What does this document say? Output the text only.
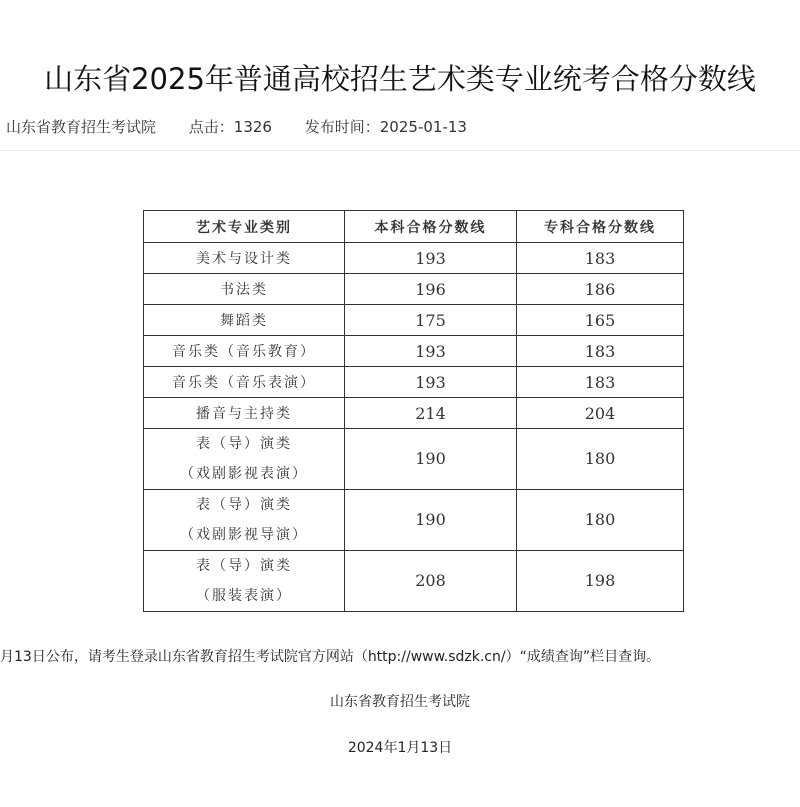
山东省2025年普通高校招生艺术类专业统考合格分数线
山东省教育招生考试院 点击：1326 发布时间：2025-01-13
艺术专业类别	本科合格分数线	专科合格分数线

美术与设计类	193	183

书法类	196	186

舞蹈类	175	165

音乐类（音乐教育）	193	183

音乐类（音乐表演）	193	183

播音与主持类	214	204

表（导）演类
（戏剧影视表演）	190	180

表（导）演类
（戏剧影视导演）	190	180

表（导）演类
（服装表演）	208	198
月13日公布，请考生登录山东省教育招生考试院官方网站（http://www.sdzk.cn/）“成绩查询”栏目查询。
山东省教育招生考试院
2024年1月13日
